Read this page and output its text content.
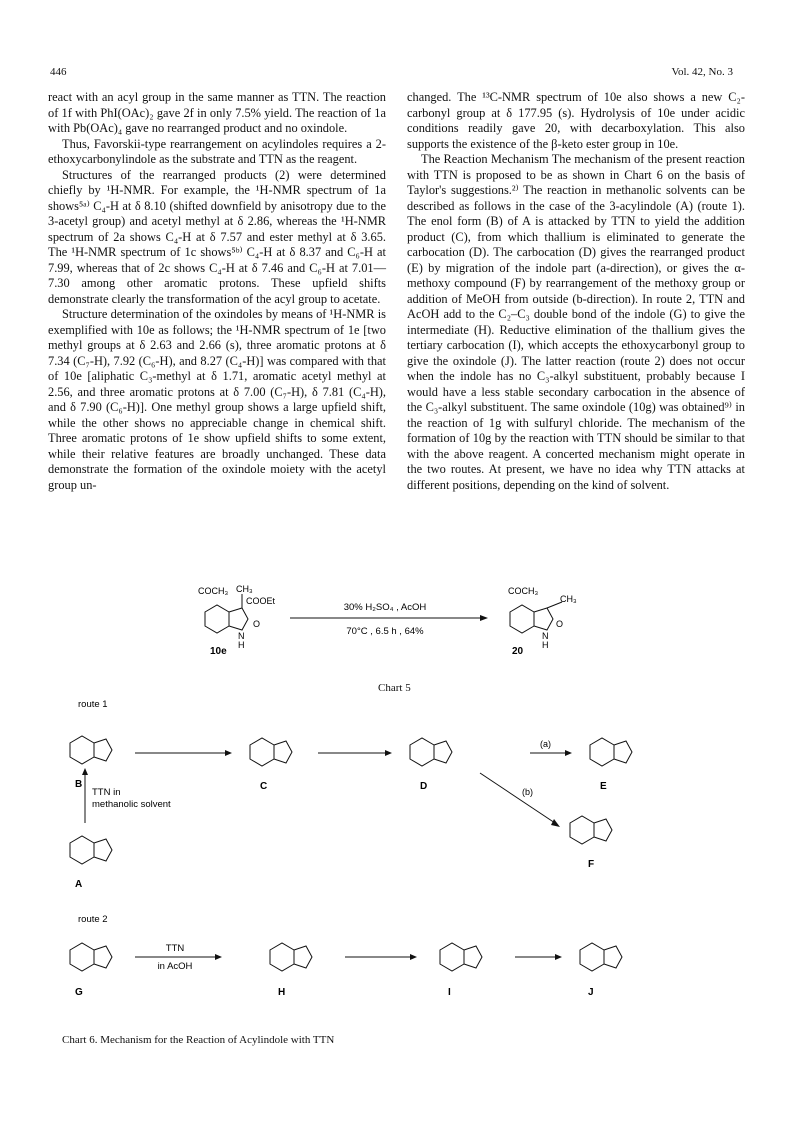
446	Vol. 42, No. 3

react with an acyl group in the same manner as TTN. The reaction of 1f with PhI(OAc)₂ gave 2f in only 7.5% yield. The reaction of 1a with Pb(OAc)₄ gave no rearranged product and no oxindole.

Thus, Favorskii-type rearrangement on acylindoles requires a 2-ethoxycarbonylindole as the substrate and TTN as the reagent.

Structures of the rearranged products (2) were determined chiefly by ¹H-NMR. For example, the ¹H-NMR spectrum of 1a shows⁵ᵃ⁾ C₄-H at δ 8.10 (shifted downfield by anisotropy due to the 3-acetyl group) and acetyl methyl at δ 2.86, whereas the ¹H-NMR spectrum of 2a shows C₄-H at δ 7.57 and ester methyl at δ 3.65. The ¹H-NMR spectrum of 1c shows⁵ᵇ⁾ C₄-H at δ 8.37 and C₆-H at 7.99, whereas that of 2c shows C₄-H at δ 7.46 and C₆-H at 7.01—7.30 among other aromatic protons. These upfield shifts demonstrate clearly the transformation of the acyl group to acetate.

Structure determination of the oxindoles by means of ¹H-NMR is exemplified with 10e as follows; the ¹H-NMR spectrum of 1e [two methyl groups at δ 2.63 and 2.66 (s), three aromatic protons at δ 7.34 (C₇-H), 7.92 (C₆-H), and 8.27 (C₄-H)] was compared with that of 10e [aliphatic C₃-methyl at δ 1.71, aromatic acetyl methyl at 2.56, and three aromatic protons at δ 7.00 (C₇-H), δ 7.81 (C₄-H), and δ 7.90 (C₆-H)]. One methyl group shows a large upfield shift, while the other shows no appreciable change in chemical shift. Three aromatic protons of 1e show upfield shifts to some extent, while their relative features are broadly unchanged. These data demonstrate the formation of the oxindole moiety with the acetyl group un-

changed. The ¹³C-NMR spectrum of 10e also shows a new C₂-carbonyl group at δ 177.95 (s). Hydrolysis of 10e under acidic conditions readily gave 20, with decarboxylation. This also supports the existence of the β-keto ester group in 10e.

The Reaction Mechanism The mechanism of the present reaction with TTN is proposed to be as shown in Chart 6 on the basis of Taylor's suggestions.²⁾ The reaction in methanolic solvents can be described as follows in the case of the 3-acylindole (A) (route 1). The enol form (B) of A is attacked by TTN to yield the addition product (C), from which thallium is eliminated to generate the carbocation (D). The carbocation (D) gives the rearranged product (E) by migration of the indole part (a-direction), or gives the α-methoxy compound (F) by rearrangement of the methoxy group or addition of MeOH from outside (b-direction). In route 2, TTN and AcOH add to the C₂–C₃ double bond of the indole (G) to give the intermediate (H). Reductive elimination of the thallium gives the tertiary carbocation (I), which accepts the ethoxycarbonyl group to give the oxindole (J). The latter reaction (route 2) does not occur when the indole has no C₃-alkyl substituent, probably because I would have a less stable secondary carbocation in the absence of the C₃-alkyl substituent. The same oxindole (10g) was obtained⁹⁾ in the reaction of 1g with sulfuryl chloride. The mechanism of the formation of 10g by the reaction with TTN should be similar to that with the above reagent. A concerted mechanism might operate in the two routes. At present, we have no idea why TTN attacks at different positions, depending on the kind of solvent.

COCH₃ CH₃
COOEt
N
H
O
10e
30% H₂SO₄ , AcOH
70°C , 6.5 h , 64%
COCH₃
CH₃
N
H
O
20
Chart 5
route 1
route 2
TTN in
methanolic solvent
TTN
in AcOH
(a)
(b)
B	C	D	E
A
F
G	H	I	J
Chart 6. Mechanism for the Reaction of Acylindole with TTN
